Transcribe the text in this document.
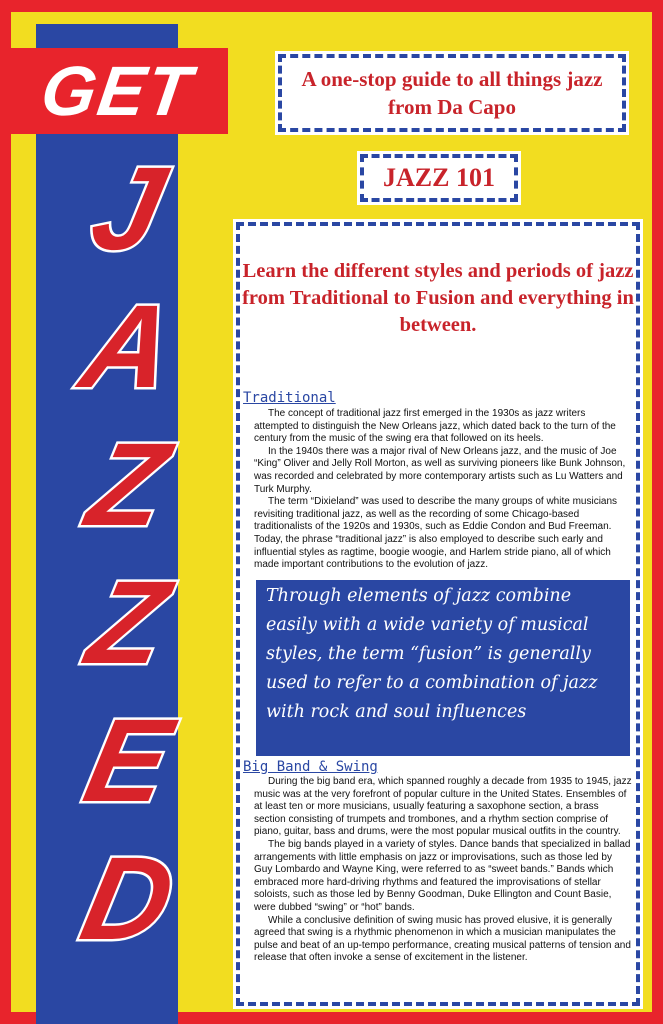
GET
J
A
Z
Z
E
D
A one-stop guide to all things jazz from Da Capo
JAZZ 101
Learn the different styles and periods of jazz from Traditional to Fusion and everything in between.
Traditional

The concept of traditional jazz first emerged in the 1930s as jazz writers attempted to distinguish the New Orleans jazz, which dated back to the turn of the century from the music of the swing era that followed on its heels.

In the 1940s there was a major rival of New Orleans jazz, and the music of Joe “King” Oliver and Jelly Roll Morton, as well as surviving pioneers like Bunk Johnson, was recorded and celebrated by more contemporary artists such as Lu Watters and Turk Murphy.

The term “Dixieland” was used to describe the many groups of white musicians revisiting traditional jazz, as well as the recording of some Chicago-based traditionalists of the 1920s and 1930s, such as Eddie Condon and Bud Freeman. Today, the phrase “traditional jazz” is also employed to describe such early and influential styles as ragtime, boogie woogie, and Harlem stride piano, all of which made important contributions to the evolution of jazz.

Through elements of jazz combine easily with a wide variety of musical styles, the term “fusion” is generally used to refer to a combination of jazz with rock and soul influences
Big Band & Swing

During the big band era, which spanned roughly a decade from 1935 to 1945, jazz music was at the very forefront of popular culture in the United States. Ensembles of at least ten or more musicians, usually featuring a saxophone section, a brass section consisting of trumpets and trombones, and a rhythm section comprise of piano, guitar, bass and drums, were the most popular musical outfits in the country.

The big bands played in a variety of styles. Dance bands that specialized in ballad arrangements with little emphasis on jazz or improvisations, such as those led by Guy Lombardo and Wayne King, were referred to as “sweet bands.” Bands which embraced more hard-driving rhythms and featured the improvisations of stellar soloists, such as those led by Benny Goodman, Duke Ellington and Count Basie, were dubbed “swing” or “hot” bands.

While a conclusive definition of swing music has proved elusive, it is generally agreed that swing is a rhythmic phenomenon in which a musician manipulates the pulse and beat of an up-tempo performance, creating musical patterns of tension and release that often invoke a sense of excitement in the listener.
